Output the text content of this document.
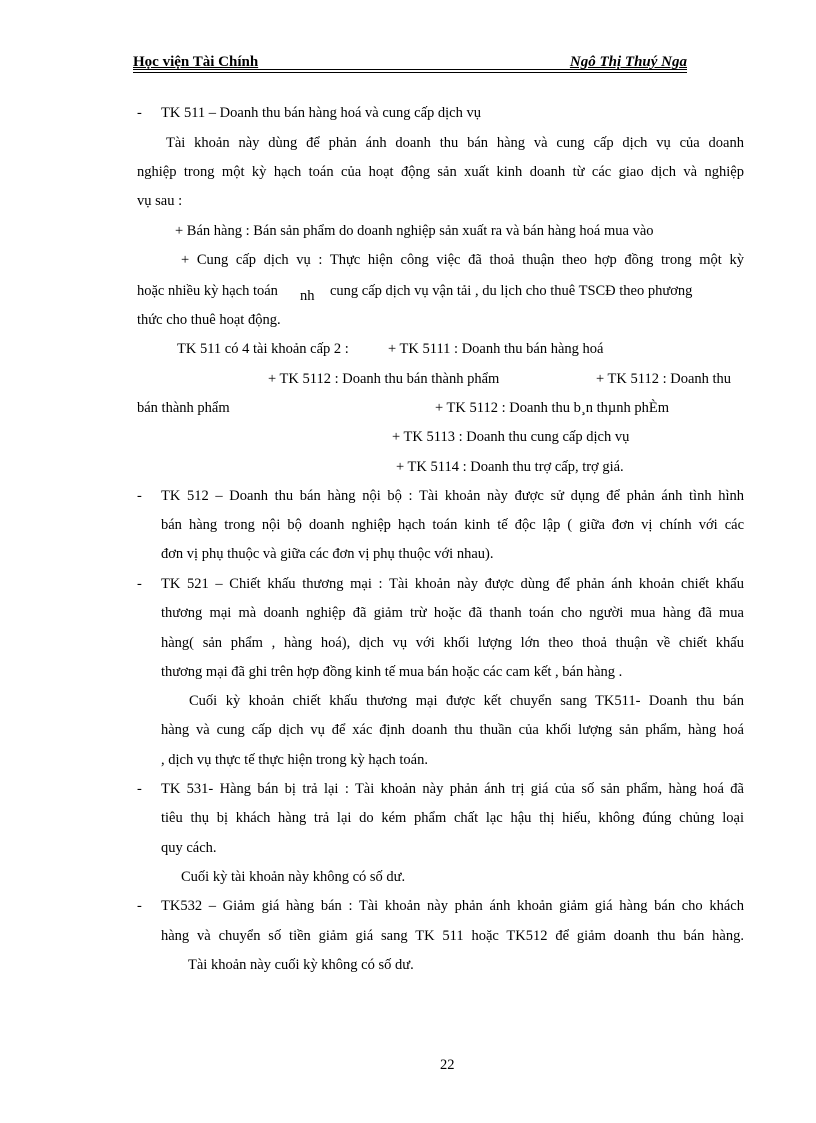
Học viện Tài Chính	Ngô Thị Thuý Nga
- TK 511 – Doanh thu bán hàng hoá và cung cấp dịch vụ
Tài khoản này dùng để phản ánh doanh thu bán hàng và cung cấp dịch vụ của doanh
nghiệp trong một kỳ hạch toán của hoạt động sản xuất kinh doanh từ các giao dịch và nghiệp
vụ sau :
+ Bán hàng : Bán sản phẩm do doanh nghiệp sản xuất ra và bán hàng hoá mua vào
+ Cung cấp dịch vụ : Thực hiện công việc đã thoả thuận theo hợp đồng trong một kỳ
hoặc nhiều kỳ hạch toán nh cung cấp dịch vụ vận tải , du lịch cho thuê TSCĐ theo phương
thức cho thuê hoạt động.
TK 511 có 4 tài khoản cấp 2 :	+ TK 5111 : Doanh thu bán hàng hoá
+ TK 5112 : Doanh thu bán thành phẩm	+ TK 5112 : Doanh thu
bán thành phẩm	+ TK 5112 : Doanh thu b¸n thµnh phÈm
+ TK 5113 : Doanh thu cung cấp dịch vụ
+ TK 5114 : Doanh thu trợ cấp, trợ giá.
- TK 512 – Doanh thu bán hàng nội bộ : Tài khoản này được sử dụng để phản ánh tình hình
bán hàng trong nội bộ doanh nghiệp hạch toán kinh tế độc lập ( giữa đơn vị chính với các
đơn vị phụ thuộc và giữa các đơn vị phụ thuộc với nhau).
- TK 521 – Chiết khấu thương mại : Tài khoản này được dùng để phản ánh khoản chiết khấu
thương mại mà doanh nghiệp đã giảm trừ hoặc đã thanh toán cho người mua hàng đã mua
hàng( sản phẩm , hàng hoá), dịch vụ với khối lượng lớn theo thoả thuận về chiết khấu
thương mại đã ghi trên hợp đồng kinh tế mua bán hoặc các cam kết , bán hàng .
Cuối kỳ khoản chiết khấu thương mại được kết chuyển sang TK511- Doanh thu bán
hàng và cung cấp dịch vụ để xác định doanh thu thuần của khối lượng sản phẩm, hàng hoá
, dịch vụ thực tế thực hiện trong kỳ hạch toán.
- TK 531- Hàng bán bị trả lại : Tài khoản này phản ánh trị giá của số sản phẩm, hàng hoá đã
tiêu thụ bị khách hàng trả lại do kém phẩm chất lạc hậu thị hiếu, không đúng chủng loại
quy cách.
Cuối kỳ tài khoản này không có số dư.
- TK532 – Giảm giá hàng bán : Tài khoản này phản ánh khoản giảm giá hàng bán cho khách
hàng và chuyển số tiền giảm giá sang TK 511 hoặc TK512 để giảm doanh thu bán hàng.
Tài khoản này cuối kỳ không có số dư.
22
